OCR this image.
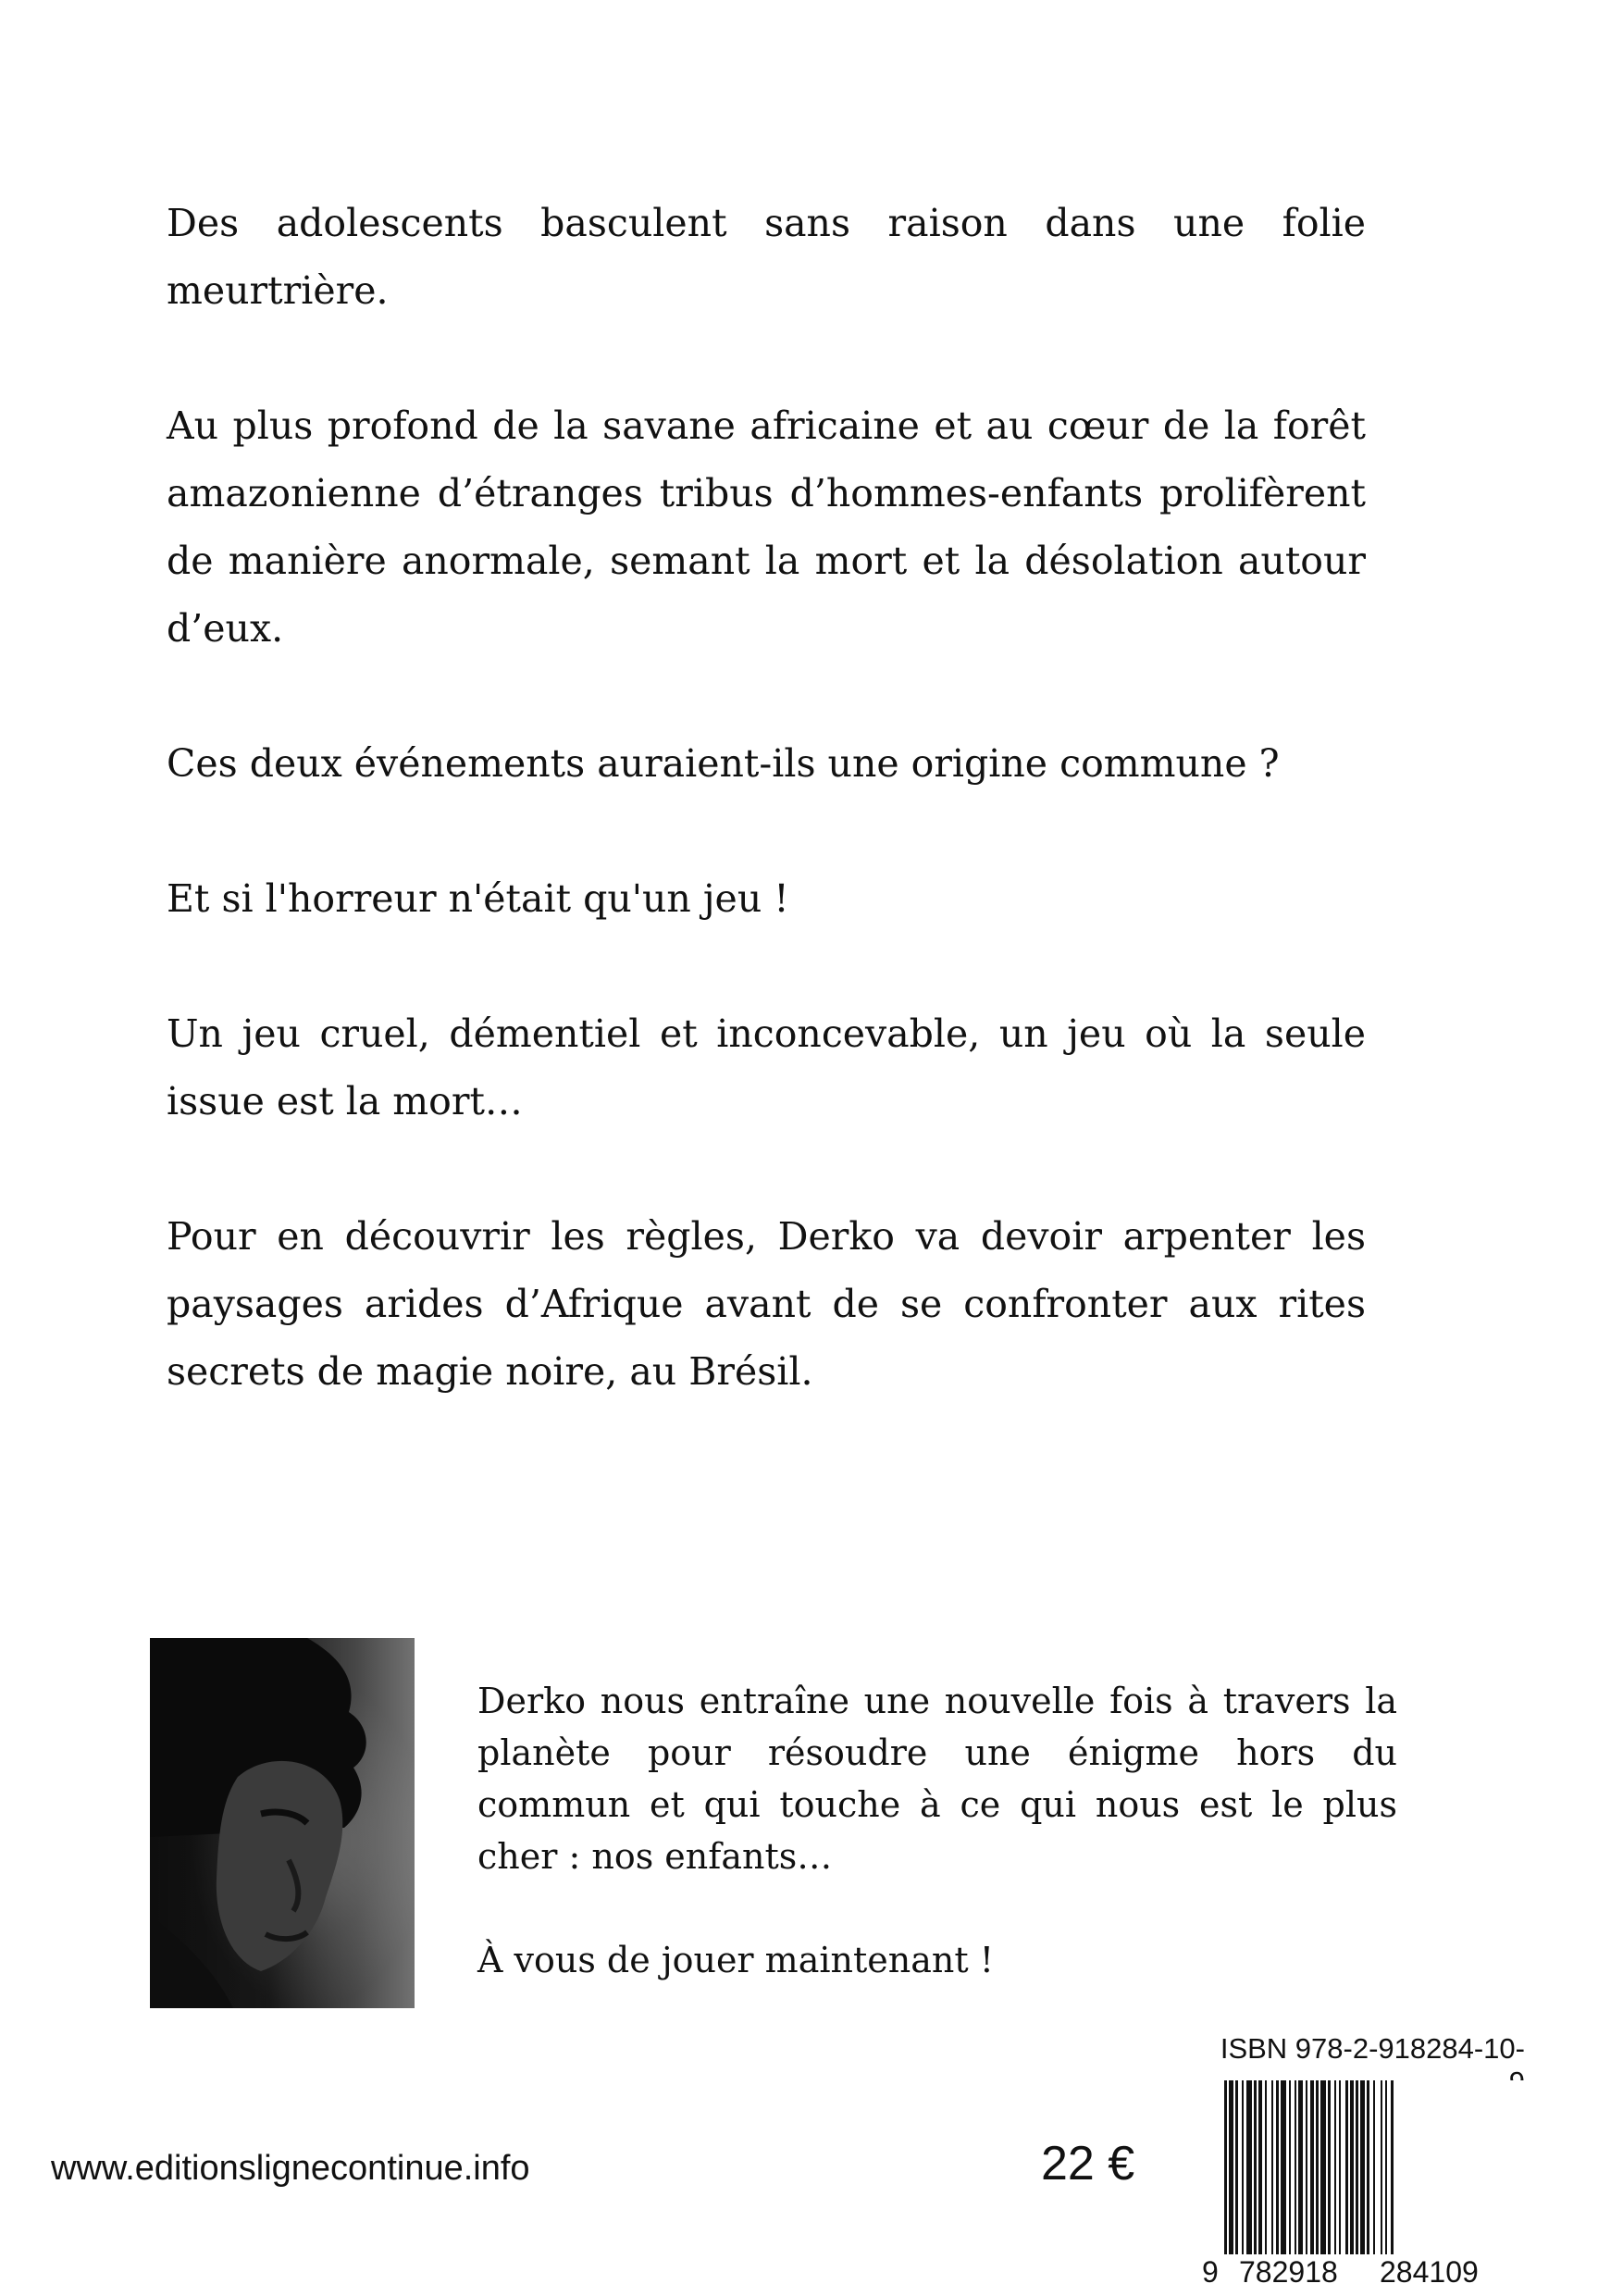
Des adolescents basculent sans raison dans une folie meurtrière.

Au plus profond de la savane africaine et au cœur de la forêt amazonienne d’étranges tribus d’hommes-enfants prolifèrent de manière anormale, semant la mort et la désolation autour d’eux.

Ces deux événements auraient-ils une origine commune ?

Et si l'horreur n'était qu'un jeu !

Un jeu cruel, démentiel et inconcevable, un jeu où la seule issue est la mort…

Pour en découvrir les règles, Derko va devoir arpenter les paysages arides d’Afrique avant de se confronter aux rites secrets de magie noire, au Brésil.

Derko nous entraîne une nouvelle fois à travers la planète pour résoudre une énigme hors du commun et qui touche à ce qui nous est le plus cher : nos enfants…

À vous de jouer maintenant !

www.editionslignecontinue.info	22 €
ISBN 978-2-918284-10-
9 782918 284109
